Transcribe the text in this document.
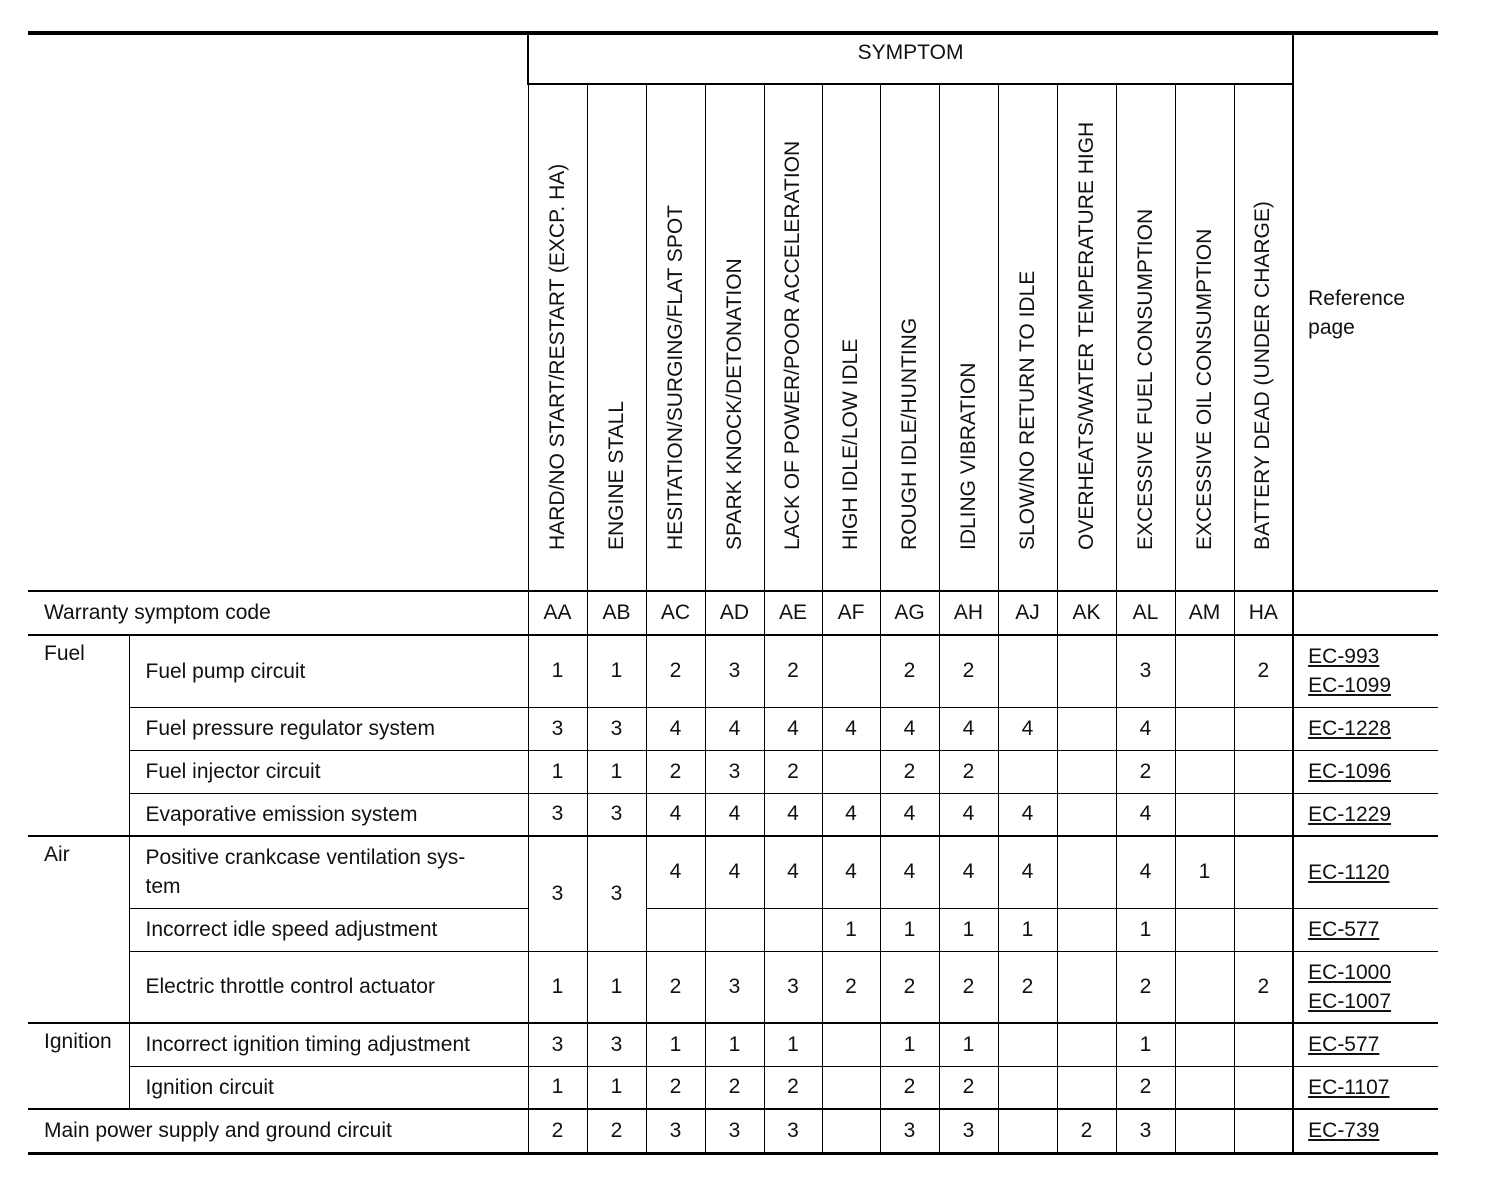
		SYMPTOM													Reference
page

		HARD/NO START/RESTART (EXCP. HA)	ENGINE STALL	HESITATION/SURGING/FLAT SPOT	SPARK KNOCK/DETONATION	LACK OF POWER/POOR ACCELERATION	HIGH IDLE/LOW IDLE	ROUGH IDLE/HUNTING	IDLING VIBRATION	SLOW/NO RETURN TO IDLE	OVERHEATS/WATER TEMPERATURE HIGH	EXCESSIVE FUEL CONSUMPTION	EXCESSIVE OIL CONSUMPTION	BATTERY DEAD (UNDER CHARGE)	

Warranty symptom code		AA	AB	AC	AD	AE	AF	AG	AH	AJ	AK	AL	AM	HA	
Fuel	Fuel pump circuit	1	1	2	3	2		2	2			3		2	EC-993
EC-1099
	Fuel pressure regulator system	3	3	4	4	4	4	4	4	4		4			EC-1228
	Fuel injector circuit	1	1	2	3	2		2	2			2			EC-1096
	Evaporative emission system	3	3	4	4	4	4	4	4	4		4			EC-1229
Air	Positive crankcase ventilation sys-
tem	3	3	4	4	4	4	4	4	4		4	1		EC-1120
	Incorrect idle speed adjustment						1	1	1	1		1			EC-577
	Electric throttle control actuator	1	1	2	3	3	2	2	2	2		2		2	EC-1000
EC-1007
Ignition	Incorrect ignition timing adjustment	3	3	1	1	1		1	1			1			EC-577
	Ignition circuit	1	1	2	2	2		2	2			2			EC-1107
Main power supply and ground circuit		2	2	3	3	3		3	3		2	3			EC-739
